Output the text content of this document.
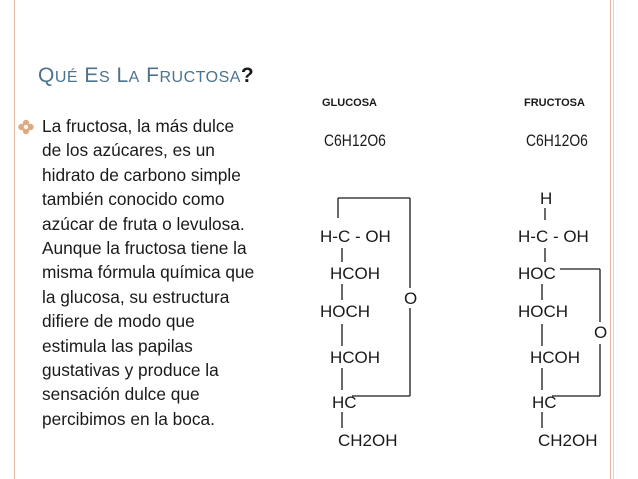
QUÉ ES LA FRUCTOSA?
La fructosa, la más dulce
de los azúcares, es un
hidrato de carbono simple
también conocido como
azúcar de fruta o levulosa.
Aunque la fructosa tiene la
misma fórmula química que
la glucosa, su estructura
difiere de modo que
estimula las papilas
gustativas y produce la
sensación dulce que
percibimos en la boca.
GLUCOSA
C6H12O6
H-C - OH
HCOH
HOCH
HCOH
HC
CH2OH
O
FRUCTOSA
C6H12O6
H
H-C - OH
HOC
HOCH
HCOH
HC
CH2OH
O
